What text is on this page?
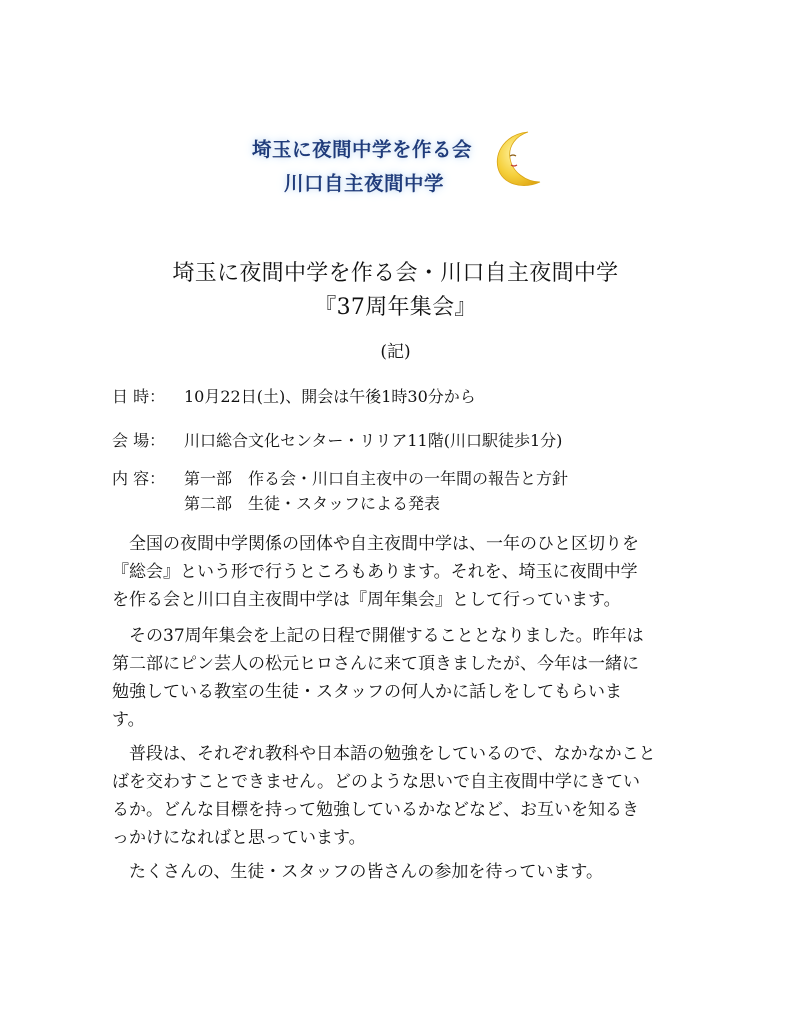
埼玉に夜間中学を作る会
川口自主夜間中学
埼玉に夜間中学を作る会・川口自主夜間中学
『37周年集会』
(記)
日 時： 10月22日(土)、開会は午後1時30分から
会 場： 川口総合文化センター・リリア11階(川口駅徒歩1分)
内 容： 第一部　作る会・川口自主夜中の一年間の報告と方針
第二部　生徒・スタッフによる発表

　全国の夜間中学関係の団体や自主夜間中学は、一年のひと区切りを
『総会』という形で行うところもあります。それを、埼玉に夜間中学
を作る会と川口自主夜間中学は『周年集会』として行っています。

　その37周年集会を上記の日程で開催することとなりました。昨年は
第二部にピン芸人の松元ヒロさんに来て頂きましたが、今年は一緒に
勉強している教室の生徒・スタッフの何人かに話しをしてもらいま
す。

　普段は、それぞれ教科や日本語の勉強をしているので、なかなかこと
ばを交わすことできません。どのような思いで自主夜間中学にきてい
るか。どんな目標を持って勉強しているかなどなど、お互いを知るき
っかけになればと思っています。

　たくさんの、生徒・スタッフの皆さんの参加を待っています。
